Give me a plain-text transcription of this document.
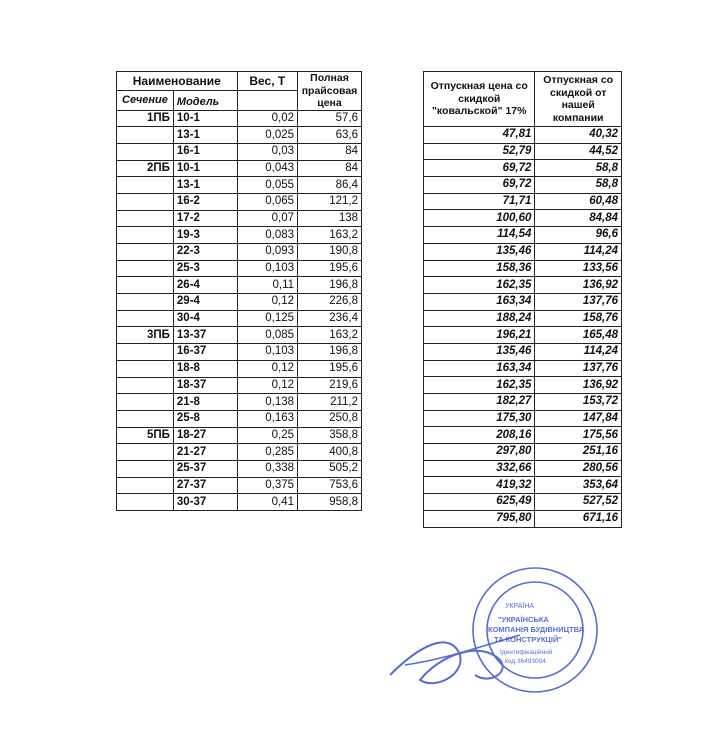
Наименование		Вес, Т	Полная прайсовая цена
Сечение	Модель		
1ПБ	10-1	0,02	57,6
	13-1	0,025	63,6
	16-1	0,03	84
2ПБ	10-1	0,043	84
	13-1	0,055	86,4
	16-2	0,065	121,2
	17-2	0,07	138
	19-3	0,083	163,2
	22-3	0,093	190,8
	25-3	0,103	195,6
	26-4	0,11	196,8
	29-4	0,12	226,8
	30-4	0,125	236,4
3ПБ	13-37	0,085	163,2
	16-37	0,103	196,8
	18-8	0,12	195,6
	18-37	0,12	219,6
	21-8	0,138	211,2
	25-8	0,163	250,8
5ПБ	18-27	0,25	358,8
	21-27	0,285	400,8
	25-37	0,338	505,2
	27-37	0,375	753,6
	30-37	0,41	958,8
Отпускная цена со скидкой "ковальской" 17%	Отпускная со скидкой от нашей компании
47,81	40,32
52,79	44,52
69,72	58,8
69,72	58,8
71,71	60,48
100,60	84,84
114,54	96,6
135,46	114,24
158,36	133,56
162,35	136,92
163,34	137,76
188,24	158,76
196,21	165,48
135,46	114,24
163,34	137,76
162,35	136,92
182,27	153,72
175,30	147,84
208,16	175,56
297,80	251,16
332,66	280,56
419,32	353,64
625,49	527,52
795,80	671,16
УКРАЇНА
"УКРАЇНСЬКА
КОМПАНІЯ БУДІВНИЦТВА
ТА КОНСТРУКЦІЙ"
Ідентифікаційний
код 36493004
